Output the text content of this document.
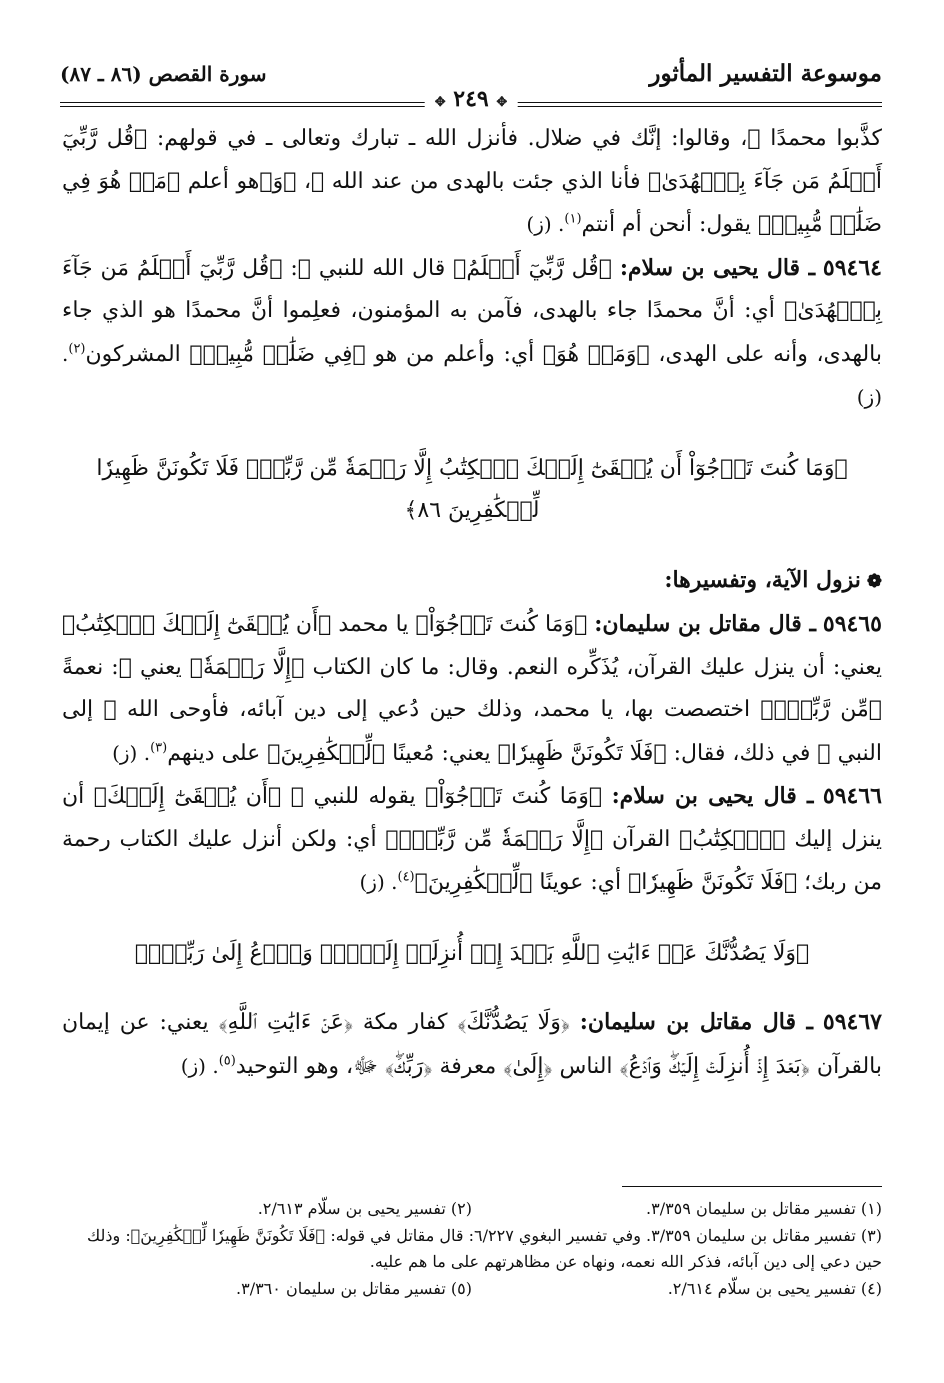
موسوعة التفسير المأثور
✥ ٢٤٩ ✥
سورة القصص (٨٦ ـ ٨٧)

كذَّبوا محمدًا ﷺ، وقالوا: إنَّك في ضلال. فأنزل الله ـ تبارك وتعالى ـ في قولهم: ﴿قُل رَّبِّيٓ أَعۡلَمُ مَن جَآءَ بِٱلۡهُدَىٰ﴾ فأنا الذي جئت بالهدى من عند الله ﷻ، ﴿وَ﴾هو أعلم ﴿مَنۡ هُوَ فِي ضَلَٰلٖ مُّبِينٖ﴾ يقول: أنحن أم أنتم$^{(١)}$. (ز)

٥٩٤٦٤ ـ قال يحيى بن سلام: ﴿قُل رَّبِّيٓ أَعۡلَمُ﴾ قال الله للنبي ﷺ: ﴿قُل رَّبِّيٓ أَعۡلَمُ مَن جَآءَ بِٱلۡهُدَىٰ﴾ أي: أنَّ محمدًا جاء بالهدى، فآمن به المؤمنون، فعلِموا أنَّ محمدًا هو الذي جاء بالهدى، وأنه على الهدى، ﴿وَمَنۡ هُوَ﴾ أي: وأعلم من هو ﴿فِي ضَلَٰلٖ مُّبِينٖ﴾ المشركون$^{(٢)}$. (ز)

﴿وَمَا كُنتَ تَرۡجُوٓاْ أَن يُلۡقَىٰٓ إِلَيۡكَ ٱلۡكِتَٰبُ إِلَّا رَحۡمَةٗ مِّن رَّبِّكَۖ فَلَا تَكُونَنَّ ظَهِيرٗا لِّلۡكَٰفِرِينَ ٨٦﴾

❁نزول الآية، وتفسيرها:

٥٩٤٦٥ ـ قال مقاتل بن سليمان: ﴿وَمَا كُنتَ تَرۡجُوٓاْ﴾ يا محمد ﴿أَن يُلۡقَىٰٓ إِلَيۡكَ ٱلۡكِتَٰبُ﴾ يعني: أن ينزل عليك القرآن، يُذَكِّره النعم. وقال: ما كان الكتاب ﴿إِلَّا رَحۡمَةٗ﴾ يعني ﷻ: نعمةً ﴿مِّن رَّبِّكَۖ﴾ اختصصت بها، يا محمد، وذلك حين دُعي إلى دين آبائه، فأوحى الله ﷻ إلى النبي ﷺ في ذلك، فقال: ﴿فَلَا تَكُونَنَّ ظَهِيرٗا﴾ يعني: مُعينًا ﴿لِّلۡكَٰفِرِينَ﴾ على دينهم$^{(٣)}$. (ز)

٥٩٤٦٦ ـ قال يحيى بن سلام: ﴿وَمَا كُنتَ تَرۡجُوٓاْ﴾ يقوله للنبي ﷺ ﴿أَن يُلۡقَىٰٓ إِلَيۡكَ﴾ أن ينزل إليك ﴿ٱلۡكِتَٰبُ﴾ القرآن ﴿إِلَّا رَحۡمَةٗ مِّن رَّبِّكَۖ﴾ أي: ولكن أنزل عليك الكتاب رحمة من ربك؛ ﴿فَلَا تَكُونَنَّ ظَهِيرٗا﴾ أي: عوينًا ﴿لِّلۡكَٰفِرِينَ﴾$^{(٤)}$. (ز)

﴿وَلَا يَصُدُّنَّكَ عَنۡ ءَايَٰتِ ٱللَّهِ بَعۡدَ إِذۡ أُنزِلَتۡ إِلَيۡكَۖ وَٱدۡعُ إِلَىٰ رَبِّكَۖ﴾

٥٩٤٦٧ ـ قال مقاتل بن سليمان: ﴿وَلَا يَصُدُّنَّكَ﴾ كفار مكة ﴿عَنۡ ءَايَٰتِ ٱللَّهِ﴾ يعني: عن إيمان بالقرآن ﴿بَعۡدَ إِذۡ أُنزِلَتۡ إِلَيۡكَۖ وَٱدۡعُ﴾ الناس ﴿إِلَىٰ﴾ معرفة ﴿رَبِّكَۖ﴾ ﷻ، وهو التوحيد$^{(٥)}$. (ز)

(١) تفسير مقاتل بن سليمان ٣/٣٥٩.
(٢) تفسير يحيى بن سلّام ٢/٦١٣.
(٣) تفسير مقاتل بن سليمان ٣/٣٥٩. وفي تفسير البغوي ٦/٢٢٧: قال مقاتل في قوله: ﴿فَلَا تَكُونَنَّ ظَهِيرٗا لِّلۡكَٰفِرِينَ﴾: وذلك حين دعي إلى دين آبائه، فذكر الله نعمه، ونهاه عن مظاهرتهم على ما هم عليه.
(٤) تفسير يحيى بن سلّام ٢/٦١٤.
(٥) تفسير مقاتل بن سليمان ٣/٣٦٠.
